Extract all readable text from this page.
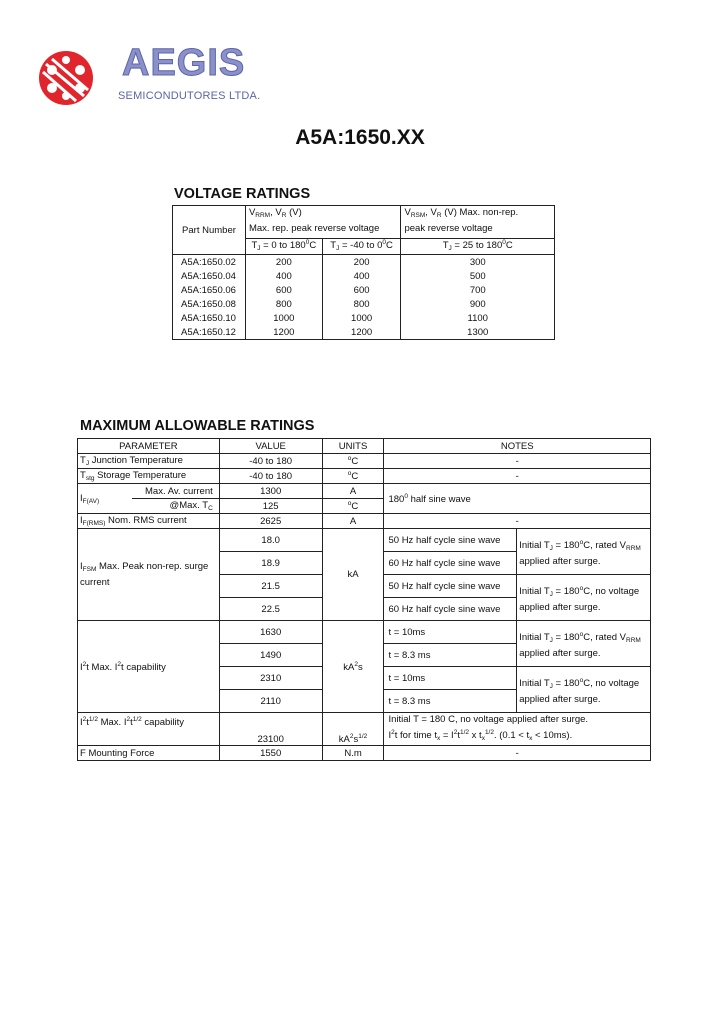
AEGIS
SEMICONDUTORES LTDA.
A5A:1650.XX
VOLTAGE RATINGS
Part Number	$V_{RRM}$, $V_R$ (V)
Max. rep. peak reverse voltage		$V_{RSM}$, $V_R$ (V) Max. non-rep.
peak reverse voltage
	$T_J = 0$ to $180^0C$	$T_J = -40$ to $0^0C$	$T_J = 25$ to $180^0C$
A5A:1650.02	200	200	300
A5A:1650.04	400	400	500
A5A:1650.06	600	600	700
A5A:1650.08	800	800	900
A5A:1650.10	1000	1000	1100
A5A:1650.12	1200	1200	1300
MAXIMUM ALLOWABLE RATINGS
PARAMETER		VALUE	UNITS	NOTES	
$T_J$ Junction Temperature		-40 to 180	$^o$C	-	
$T_{stg}$ Storage Temperature		-40 to 180	$^o$C	-	
$I_{F(AV)}$	Max. Av. current	1300	A	$180^0$ half sine wave	
	@Max. $T_C$	125	$^o$C		
$I_{F(RMS)}$ Nom. RMS current		2625	A	-	
$I_{FSM}$ Max. Peak non-rep. surge current		18.0	kA	50 Hz half cycle sine wave	Initial $T_J = 180^oC$, rated $V_{RRM}$
applied after surge.
		18.9		60 Hz half cycle sine wave	
		21.5		50 Hz half cycle sine wave	Initial $T_J = 180^oC$, no voltage
applied after surge.
		22.5		60 Hz half cycle sine wave	
$I^2t$ Max. $I^2t$ capability		1630	$kA^2s$	t = 10ms	Initial $T_J = 180^oC$, rated $V_{RRM}$
applied after surge.
		1490		t = 8.3 ms	
		2310		t = 10ms	Initial $T_J = 180^oC$, no voltage
applied after surge.
		2110		t = 8.3 ms	
$I^2t^{1/2}$ Max. $I^2t^{1/2}$ capability		23100	$kA^2s^{1/2}$	Initial T = 180 C, no voltage applied after surge.
$I^2t$ for time $t_x = I^2t^{1/2}$ x $t_x^{1/2}$. $(0.1 < t_x < 10ms)$.	
F Mounting Force		1550	N.m	-	
